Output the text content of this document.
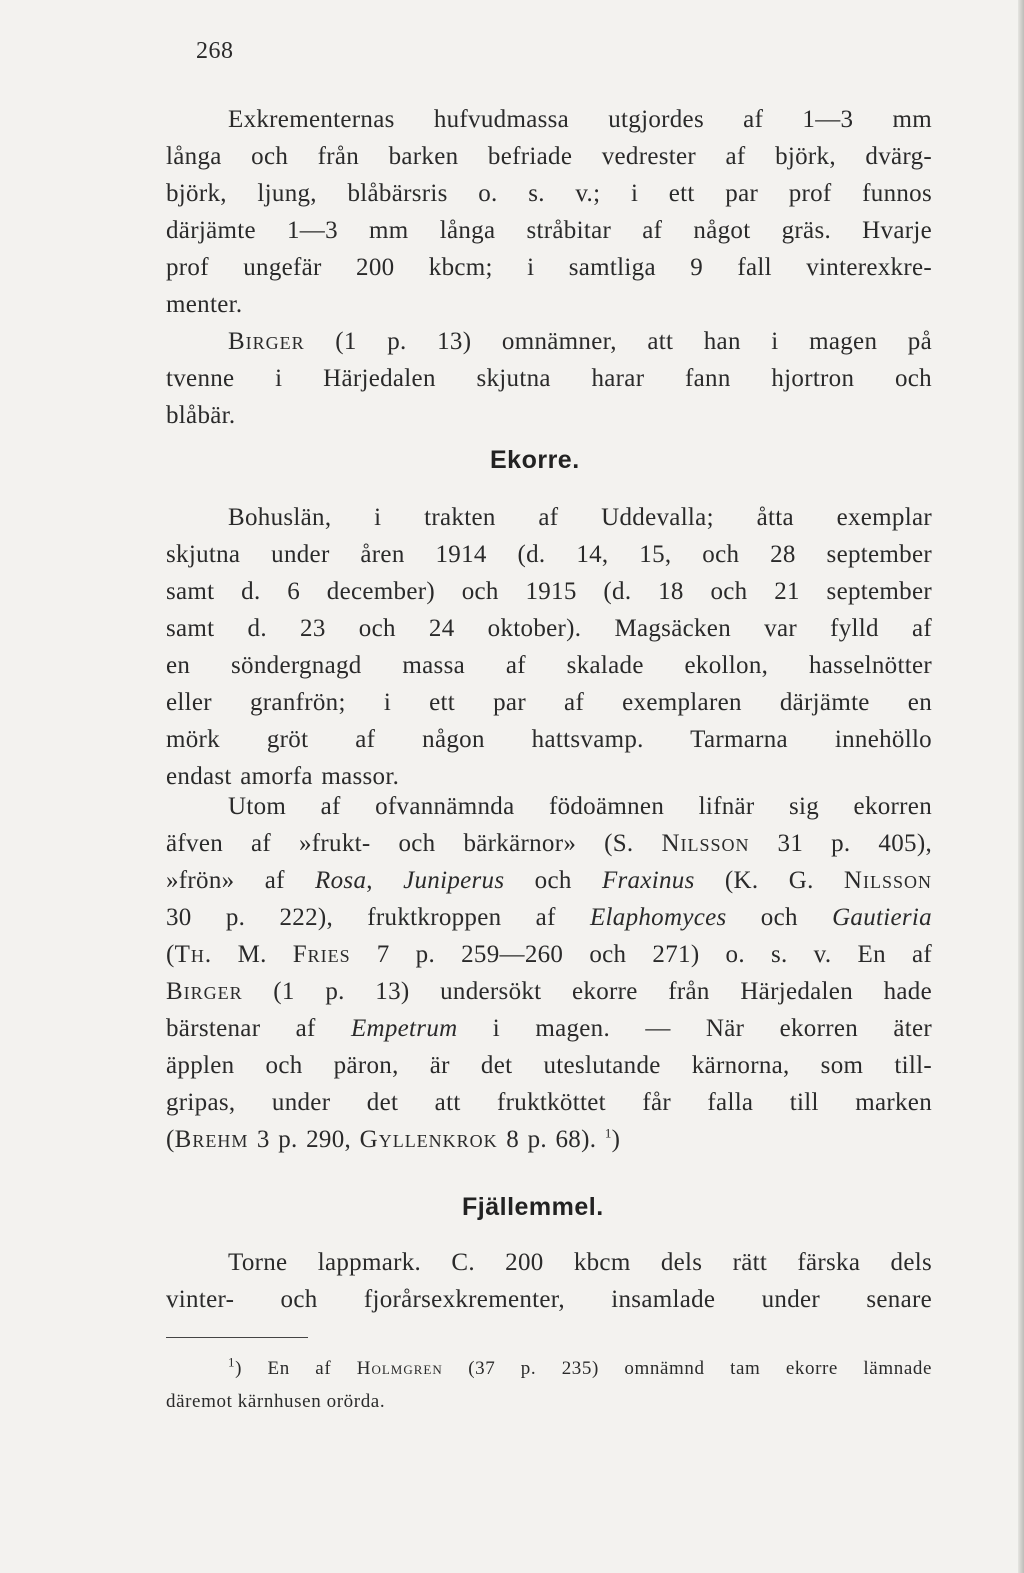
268
Exkrementernas hufvudmassa utgjordes af 1—3 mm
långa och från barken befriade vedrester af björk, dvärg-
björk, ljung, blåbärsris o. s. v.; i ett par prof funnos
därjämte 1—3 mm långa stråbitar af något gräs. Hvarje
prof ungefär 200 kbcm; i samtliga 9 fall vinterexkre-
menter.
Birger (1 p. 13) omnämner, att han i magen på
tvenne i Härjedalen skjutna harar fann hjortron och
blåbär.
Ekorre.
Bohuslän, i trakten af Uddevalla; åtta exemplar
skjutna under åren 1914 (d. 14, 15, och 28 september
samt d. 6 december) och 1915 (d. 18 och 21 september
samt d. 23 och 24 oktober). Magsäcken var fylld af
en söndergnagd massa af skalade ekollon, hasselnötter
eller granfrön; i ett par af exemplaren därjämte en
mörk gröt af någon hattsvamp. Tarmarna innehöllo
endast amorfa massor.
Utom af ofvannämnda födoämnen lifnär sig ekorren
äfven af »frukt- och bärkärnor» (S. Nilsson 31 p. 405),
»frön» af Rosa, Juniperus och Fraxinus (K. G. Nilsson
30 p. 222), fruktkroppen af Elaphomyces och Gautieria
(Th. M. Fries 7 p. 259—260 och 271) o. s. v. En af
Birger (1 p. 13) undersökt ekorre från Härjedalen hade
bärstenar af Empetrum i magen. — När ekorren äter
äpplen och päron, är det uteslutande kärnorna, som till-
gripas, under det att fruktköttet får falla till marken
(Brehm 3 p. 290, Gyllenkrok 8 p. 68). $^1$)
Fjällemmel.
Torne lappmark. C. 200 kbcm dels rätt färska dels
vinter- och fjorårsexkrementer, insamlade under senare
$^1$) En af Holmgren (37 p. 235) omnämnd tam ekorre lämnade
däremot kärnhusen orörda.
